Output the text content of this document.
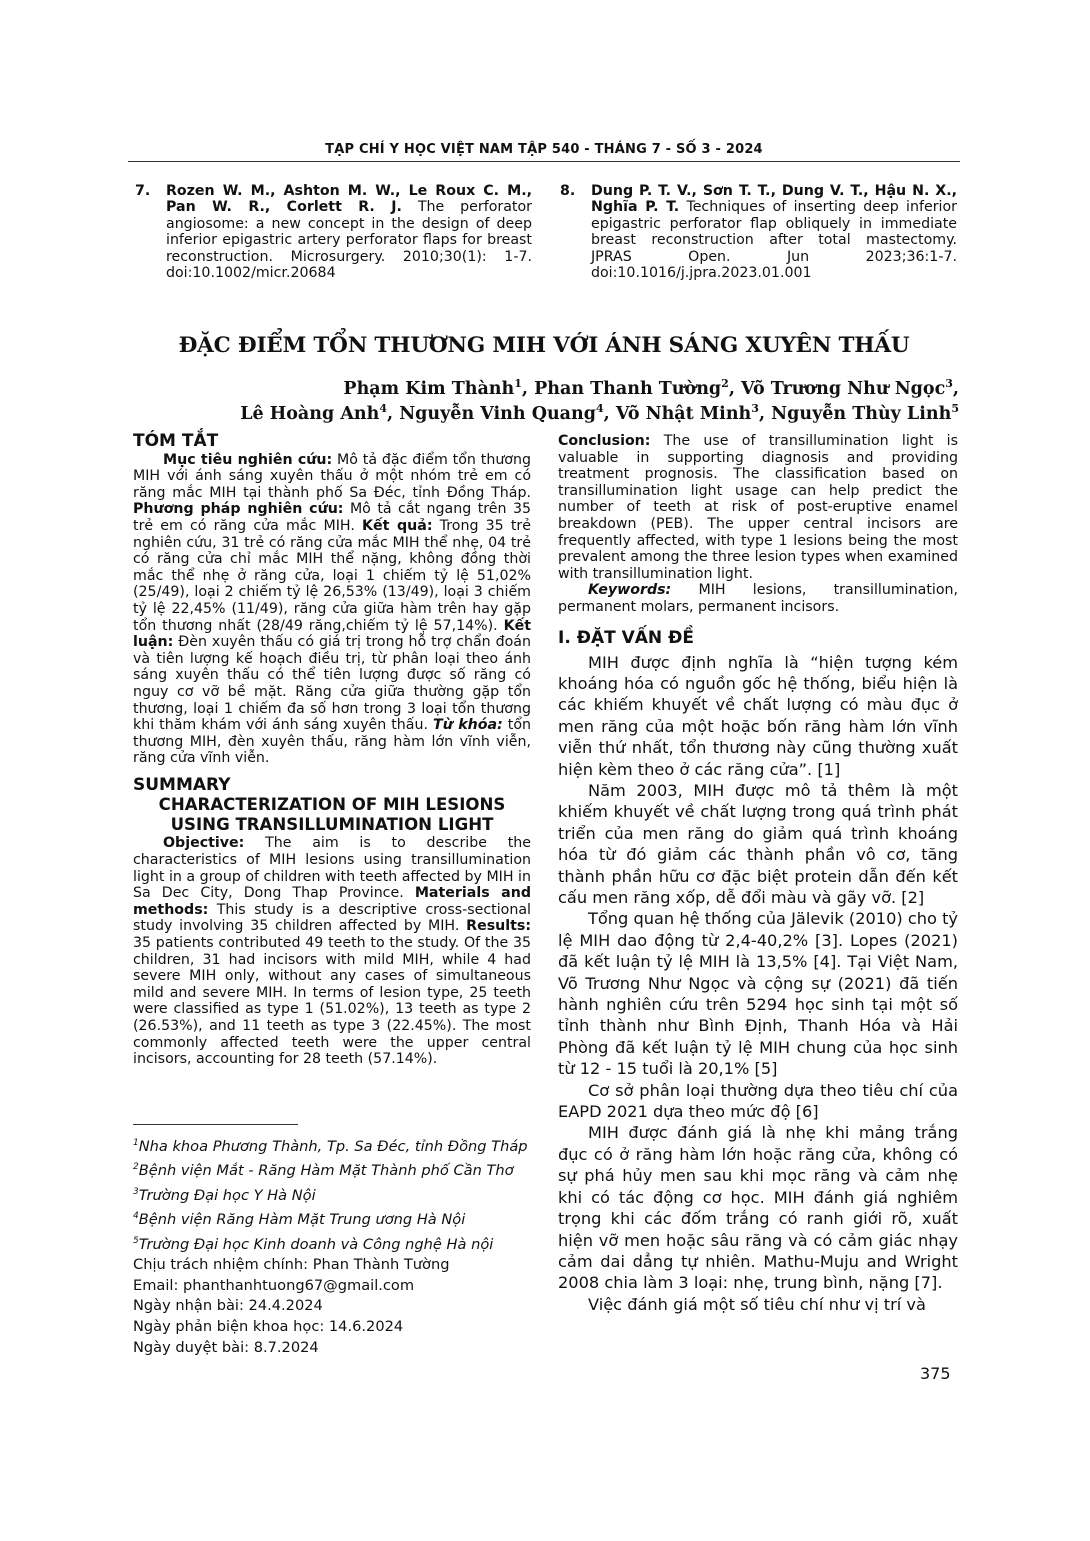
TẠP CHÍ Y HỌC VIỆT NAM TẬP 540 - THÁNG 7 - SỐ 3 - 2024
7.	Rozen W. M., Ashton M. W., Le Roux C. M., Pan W. R., Corlett R. J. The perforator angiosome: a new concept in the design of deep inferior epigastric artery perforator flaps for breast reconstruction. Microsurgery. 2010;30(1): 1-7. doi:10.1002/micr.20684
8.	Dung P. T. V., Sơn T. T., Dung V. T., Hậu N. X., Nghĩa P. T. Techniques of inserting deep inferior epigastric perforator flap obliquely in immediate breast reconstruction after total mastectomy. JPRAS Open. Jun 2023;36:1-7. doi:10.1016/j.jpra.2023.01.001
ĐẶC ĐIỂM TỔN THƯƠNG MIH VỚI ÁNH SÁNG XUYÊN THẤU
Phạm Kim Thành$^1$, Phan Thanh Tường$^2$, Võ Trương Như Ngọc$^3$,
Lê Hoàng Anh$^4$, Nguyễn Vinh Quang$^4$, Võ Nhật Minh$^3$, Nguyễn Thùy Linh$^5$
TÓM TẮT

Mục tiêu nghiên cứu: Mô tả đặc điểm tổn thương MIH với ánh sáng xuyên thấu ở một nhóm trẻ em có răng mắc MIH tại thành phố Sa Đéc, tỉnh Đồng Tháp. Phương pháp nghiên cứu: Mô tả cắt ngang trên 35 trẻ em có răng cửa mắc MIH. Kết quả: Trong 35 trẻ nghiên cứu, 31 trẻ có răng cửa mắc MIH thể nhẹ, 04 trẻ có răng cửa chỉ mắc MIH thể nặng, không đồng thời mắc thể nhẹ ở răng cửa, loại 1 chiếm tỷ lệ 51,02% (25/49), loại 2 chiếm tỷ lệ 26,53% (13/49), loại 3 chiếm tỷ lệ 22,45% (11/49), răng cửa giữa hàm trên hay gặp tổn thương nhất (28/49 răng,chiếm tỷ lệ 57,14%). Kết luận: Đèn xuyên thấu có giá trị trong hỗ trợ chẩn đoán và tiên lượng kế hoạch điều trị, từ phân loại theo ánh sáng xuyên thấu có thể tiên lượng được số răng có nguy cơ vỡ bề mặt. Răng cửa giữa thường gặp tổn thương, loại 1 chiếm đa số hơn trong 3 loại tổn thương khi thăm khám với ánh sáng xuyên thấu. Từ khóa: tổn thương MIH, đèn xuyên thấu, răng hàm lớn vĩnh viễn, răng cửa vĩnh viễn.

SUMMARY
CHARACTERIZATION OF MIH LESIONS
USING TRANSILLUMINATION LIGHT

Objective: The aim is to describe the characteristics of MIH lesions using transillumination light in a group of children with teeth affected by MIH in Sa Dec City, Dong Thap Province. Materials and methods: This study is a descriptive cross-sectional study involving 35 children affected by MIH. Results: 35 patients contributed 49 teeth to the study. Of the 35 children, 31 had incisors with mild MIH, while 4 had severe MIH only, without any cases of simultaneous mild and severe MIH. In terms of lesion type, 25 teeth were classified as type 1 (51.02%), 13 teeth as type 2 (26.53%), and 11 teeth as type 3 (22.45%). The most commonly affected teeth were the upper central incisors, accounting for 28 teeth (57.14%).

$^1$Nha khoa Phương Thành, Tp. Sa Đéc, tỉnh Đồng Tháp
$^2$Bệnh viện Mắt - Răng Hàm Mặt Thành phố Cần Thơ
$^3$Trường Đại học Y Hà Nội
$^4$Bệnh viện Răng Hàm Mặt Trung ương Hà Nội
$^5$Trường Đại học Kinh doanh và Công nghệ Hà nội
Chịu trách nhiệm chính: Phan Thành Tường
Email: phanthanhtuong67@gmail.com
Ngày nhận bài: 24.4.2024
Ngày phản biện khoa học: 14.6.2024
Ngày duyệt bài: 8.7.2024

Conclusion: The use of transillumination light is valuable in supporting diagnosis and providing treatment prognosis. The classification based on transillumination light usage can help predict the number of teeth at risk of post-eruptive enamel breakdown (PEB). The upper central incisors are frequently affected, with type 1 lesions being the most prevalent among the three lesion types when examined with transillumination light.

Keywords: MIH lesions, transillumination, permanent molars, permanent incisors.

I. ĐẶT VẤN ĐỀ

MIH được định nghĩa là “hiện tượng kém khoáng hóa có nguồn gốc hệ thống, biểu hiện là các khiếm khuyết về chất lượng có màu đục ở men răng của một hoặc bốn răng hàm lớn vĩnh viễn thứ nhất, tổn thương này cũng thường xuất hiện kèm theo ở các răng cửa”. [1]

Năm 2003, MIH được mô tả thêm là một khiếm khuyết về chất lượng trong quá trình phát triển của men răng do giảm quá trình khoáng hóa từ đó giảm các thành phần vô cơ, tăng thành phần hữu cơ đặc biệt protein dẫn đến kết cấu men răng xốp, dễ đổi màu và gãy vỡ. [2]

Tổng quan hệ thống của Jälevik (2010) cho tỷ lệ MIH dao động từ 2,4-40,2% [3]. Lopes (2021) đã kết luận tỷ lệ MIH là 13,5% [4]. Tại Việt Nam, Võ Trương Như Ngọc và cộng sự (2021) đã tiến hành nghiên cứu trên 5294 học sinh tại một số tỉnh thành như Bình Định, Thanh Hóa và Hải Phòng đã kết luận tỷ lệ MIH chung của học sinh từ 12 - 15 tuổi là 20,1% [5]

Cơ sở phân loại thường dựa theo tiêu chí của EAPD 2021 dựa theo mức độ [6]

MIH được đánh giá là nhẹ khi mảng trắng đục có ở răng hàm lớn hoặc răng cửa, không có sự phá hủy men sau khi mọc răng và cảm nhẹ khi có tác động cơ học. MIH đánh giá nghiêm trọng khi các đốm trắng có ranh giới rõ, xuất hiện vỡ men hoặc sâu răng và có cảm giác nhạy cảm dai dẳng tự nhiên. Mathu-Muju and Wright 2008 chia làm 3 loại: nhẹ, trung bình, nặng [7].

Việc đánh giá một số tiêu chí như vị trí và

375
